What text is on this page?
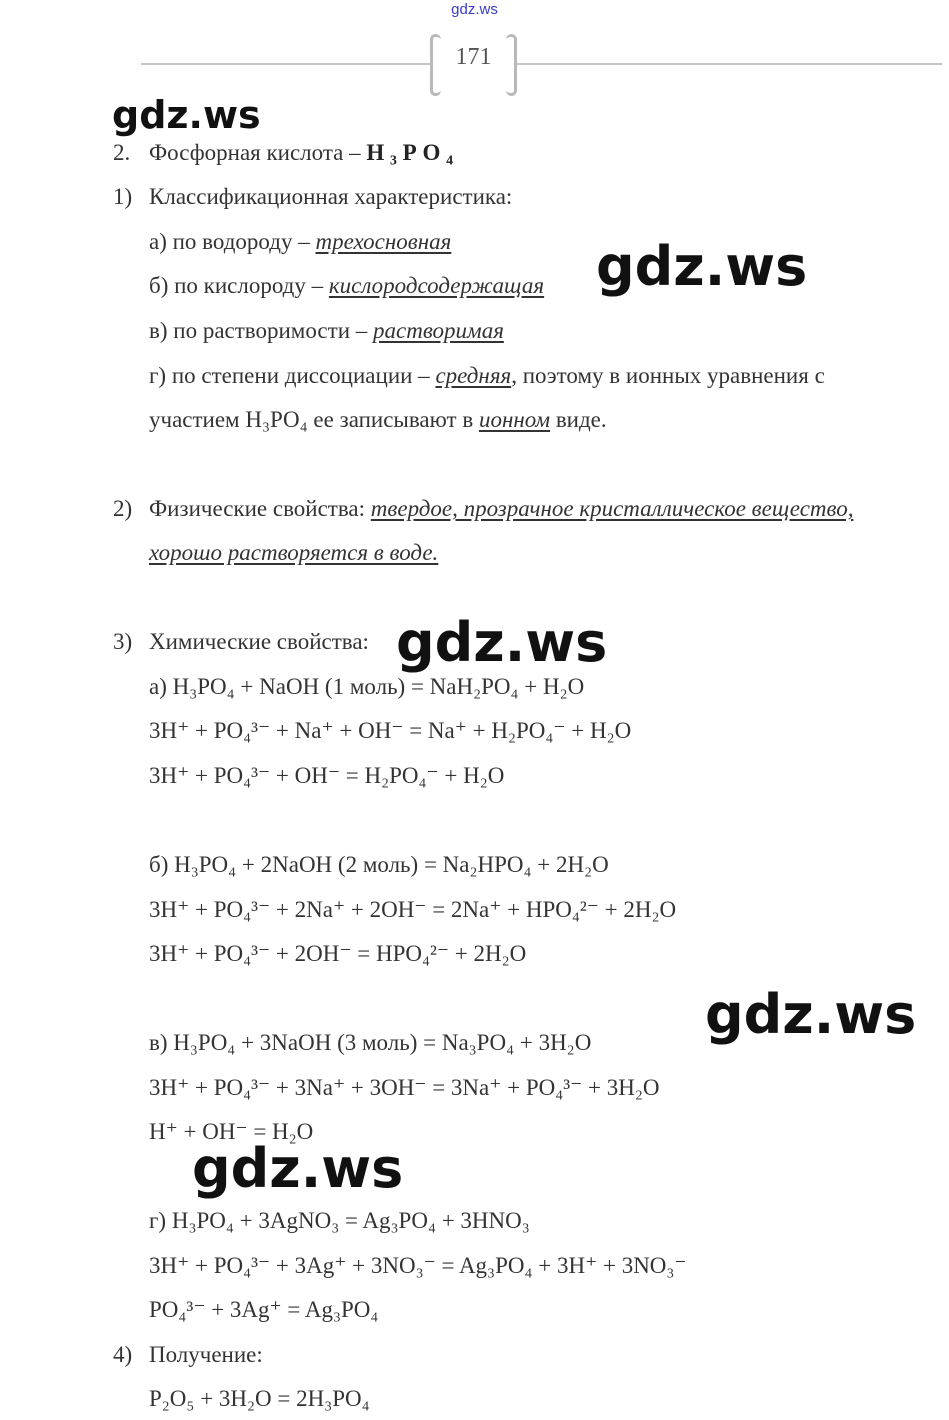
gdz.ws
171
gdz.ws
gdz.ws
gdz.ws
gdz.ws
gdz.ws
2. Фосфорная кислота – Н ₃ Р О ₄
1) Классификационная характеристика:
а) по водороду – трехосновная
б) по кислороду – кислородсодержащая
в) по растворимости – растворимая
г) по степени диссоциации – средняя, поэтому в ионных уравнения с
участием Н₃РО₄ ее записывают в ионном виде.
2) Физические свойства: твердое, прозрачное кристаллическое вещество,
хорошо растворяется в воде.
3) Химические свойства:
а) H₃PO₄ + NaOH (1 моль) = NaH₂PO₄ + H₂O
3H⁺ + PO₄³⁻ + Na⁺ + OH⁻ = Na⁺ + H₂PO₄⁻ + H₂O
3H⁺ + PO₄³⁻ + OH⁻ = H₂PO₄⁻ + H₂O
б) H₃PO₄ + 2NaOH (2 моль) = Na₂HPO₄ + 2H₂O
3H⁺ + PO₄³⁻ + 2Na⁺ + 2OH⁻ = 2Na⁺ + HPO₄²⁻ + 2H₂O
3H⁺ + PO₄³⁻ + 2OH⁻ = HPO₄²⁻ + 2H₂O
в) H₃PO₄ + 3NaOH (3 моль) = Na₃PO₄ + 3H₂O
3H⁺ + PO₄³⁻ + 3Na⁺ + 3OH⁻ = 3Na⁺ + PO₄³⁻ + 3H₂O
H⁺ + OH⁻ = H₂O
г) H₃PO₄ + 3AgNO₃ = Ag₃PO₄ + 3HNO₃
3H⁺ + PO₄³⁻ + 3Ag⁺ + 3NO₃⁻ = Ag₃PO₄ + 3H⁺ + 3NO₃⁻
PO₄³⁻ + 3Ag⁺ = Ag₃PO₄
4) Получение:
P₂O₅ + 3H₂O = 2H₃PO₄
